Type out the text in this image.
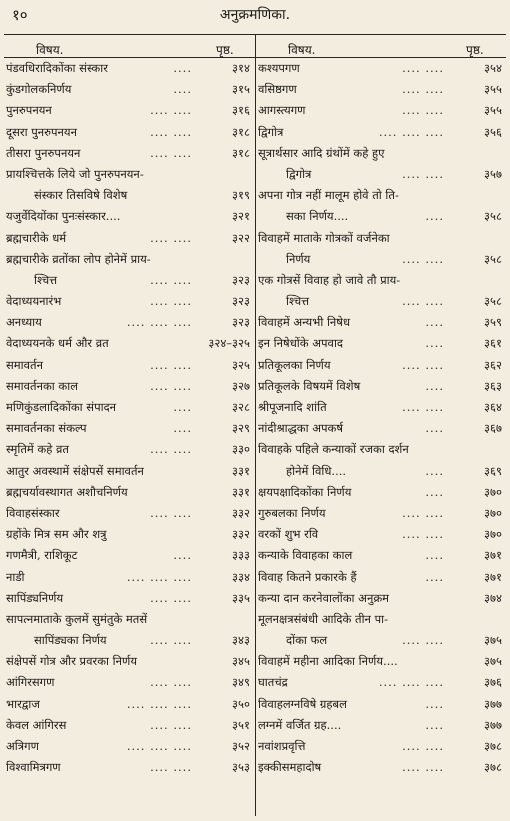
१०	अनुक्रमणिका.
विषय.	पृष्ठ.	विषय.	पृष्ठ.
पंडवधिरादिकोंका संस्कार	....	३१४
कुंडगोलकनिर्णय	....	३१५
पुनरुपनयन	.... ....	३१६
दूसरा पुनरुपनयन	.... ....	३१८
तीसरा पुनरुपनयन	.... ....	३१८
प्रायश्चित्तके लिये जो पुनरुपनयन-
संस्कार तिसविषे विशेष	३१९
यजुर्वेदियोंका पुनःसंस्कार....	३२१
ब्रह्मचारीके धर्म	.... ....	३२२
ब्रह्मचारीके व्रतोंका लोप होनेमें प्राय-
श्चित्त	.... ....	३२३
वेदाध्ययनारंभ	.... ....	३२३
अनध्याय	.... .... ....	३२३
वेदाध्ययनके धर्म और व्रत	३२४–३२५
समावर्तन	.... ....	३२५
समावर्तनका काल	.... ....	३२७
मणिकुंडलादिकोंका संपादन	....	३२८
समावर्तनका संकल्प	....	३२९
स्मृतिमें कहे व्रत	.... ....	३३०
आतुर अवस्थामें संक्षेपसें समावर्तन	३३१
ब्रह्मचर्यावस्थागत अशौचनिर्णय	३३१
विवाहसंस्कार	.... ....	३३२
ग्रहोंके मित्र सम और शत्रु	३३२
गणमैत्री, राशिकूट	....	३३३
नाडी	.... .... ....	३३४
सापिंड्यनिर्णय	.... ....	३३५
सापत्नमाताके कुलमें सुमंतुके मतसें
सापिंड्यका निर्णय	.... ....	३४३
संक्षेपसें गोत्र और प्रवरका निर्णय	३४५
आंगिरसगण	.... ....	३४९
भारद्वाज	.... .... ....	३५०
केवल आंगिरस	.... ....	३५१
अत्रिगण	.... .... ....	३५२
विश्वामित्रगण	.... ....	३५३
कश्यपगण	.... ....	३५४
वसिष्ठगण	.... ....	३५५
आगस्त्यगण	.... ....	३५५
द्विगोत्र	.... .... ....	३५६
सूत्रार्थसार आदि ग्रंथोंमें कहे हुए
द्विगोत्र	.... ....	३५७
अपना गोत्र नहीं मालूम होवे तो ति-
सका निर्णय....	....	३५८
विवाहमें माताके गोत्रकों वर्जनेका
निर्णय	.... ....	३५८
एक गोत्रसें विवाह हो जावे तौ प्राय-
श्चित्त	.... ....	३५८
विवाहमें अन्यभी निषेध	....	३५९
इन निषेधोंके अपवाद	....	३६१
प्रतिकूलका निर्णय	.... ....	३६२
प्रतिकूलके विषयमें विशेष	....	३६३
श्रीपूजनादि शांति	.... ....	३६४
नांदीश्राद्धका अपकर्ष	....	३६७
विवाहके पहिले कन्याकों रजका दर्शन
होनेमें विधि....	....	३६९
क्षयपक्षादिकोंका निर्णय	....	३७०
गुरुबलका निर्णय	.... ....	३७०
वरकों शुभ रवि	.... ....	३७०
कन्याके विवाहका काल	....	३७१
विवाह कितने प्रकारके हैं	....	३७१
कन्या दान करनेवालोंका अनुक्रम	३७४
मूलनक्षत्रसंबंधी आदिके तीन पा-
दोंका फल	.... ....	३७५
विवाहमें महीना आदिका निर्णय....	३७५
घातचंद्र	.... .... ....	३७६
विवाहलग्नविषे ग्रहबल	....	३७७
लग्नमें वर्जित ग्रह....	....	३७७
नवांशप्रवृत्ति	.... ....	३७८
इक्कीसमहादोष	.... ....	३७८
